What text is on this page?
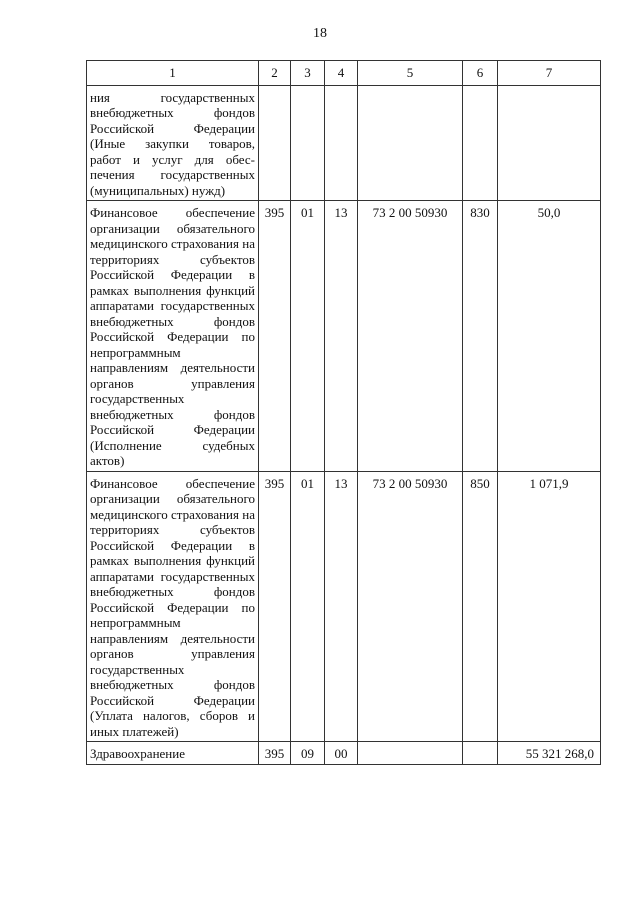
18
1	2	3	4	5	6	7
ния государственных внебюджетных фондов Российской Федерации (Иные закупки товаров, работ и услуг для обеспечения государственных (муниципальных) нужд)						
Финансовое обеспечение организации обязательного медицинского страхования на территориях субъектов Российской Федерации в рамках выполнения функций аппаратами государственных внебюджетных фондов Российской Федерации по непрограммным направлениям деятельности органов управления государственных внебюджетных фондов Российской Федерации (Исполнение судебных актов)	395	01	13	73 2 00 50930	830	50,0
Финансовое обеспечение организации обязательного медицинского страхования на территориях субъектов Российской Федерации в рамках выполнения функций аппаратами государственных внебюджетных фондов Российской Федерации по непрограммным направлениям деятельности органов управления государственных внебюджетных фондов Российской Федерации (Уплата налогов, сборов и иных платежей)	395	01	13	73 2 00 50930	850	1 071,9
Здравоохранение	395	09	00			55 321 268,0
